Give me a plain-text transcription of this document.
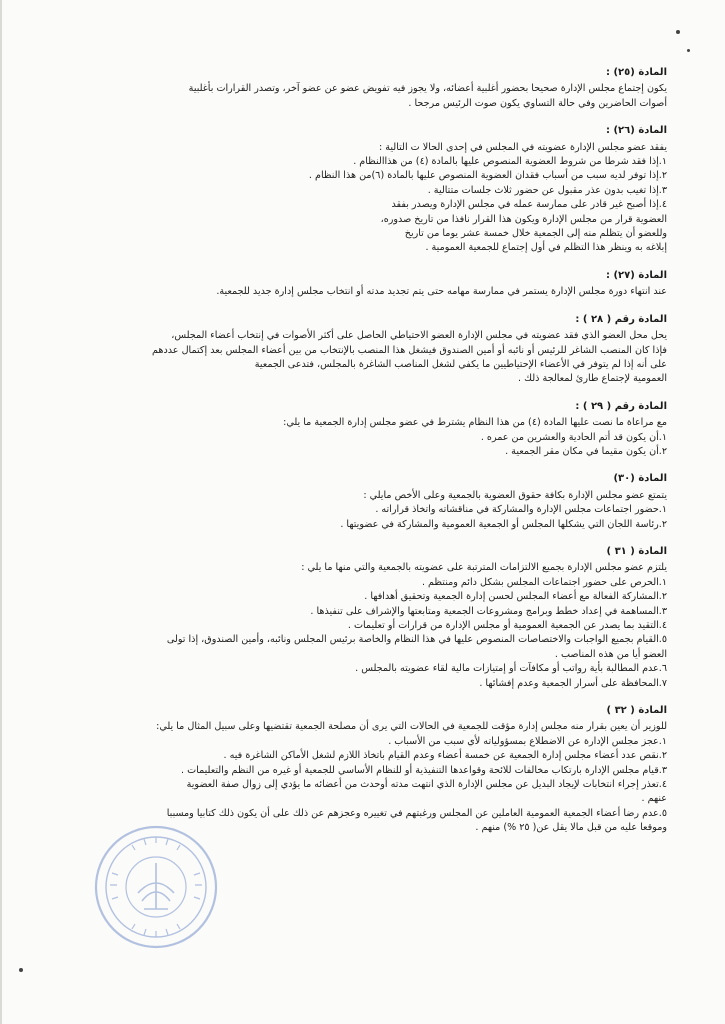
المادة (٢٥) :
يكون إجتماع مجلس الإدارة صحيحا بحضور أغلبية أعضائه، ولا يجوز فيه تفويض عضو عن عضو آخر، وتصدر القرارات بأغلبية
أصوات الحاضرين وفي حالة التساوي يكون صوت الرئيس مرجحا .
المادة (٢٦) :
يفقد عضو مجلس الإدارة عضويته في المجلس في إحدى الحالا ت التالية :
١.إذا فقد شرطا من شروط العضوية المنصوص عليها بالمادة (٤) من هذاالنظام .
٢.إذا توفر لديه سبب من أسباب فقدان العضوية المنصوص عليها بالمادة (٦)من هذا النظام .
٣.إذا تغيب بدون عذر مقبول عن حضور ثلاث جلسات متتالية .
٤.إذا أصبح غير قادر على ممارسة عمله في مجلس الإدارة ويصدر بفقد
العضوية قرار من مجلس الإدارة ويكون هذا القرار نافذا من تاريخ صدوره،
وللعضو أن يتظلم منه إلى الجمعية خلال خمسة عشر يوما من تاريخ
إبلاغه به وينظر هذا التظلم في أول إجتماع للجمعية العمومية .
المادة (٢٧) :
عند انتهاء دورة مجلس الإدارة يستمر في ممارسة مهامه حتى يتم تجديد مدته أو انتخاب مجلس إدارة جديد للجمعية.
المادة رقم ( ٢٨ ) :
يحل محل العضو الذي فقد عضويته في مجلس الإدارة العضو الاحتياطي الحاصل على أكثر الأصوات في إنتخاب أعضاء المجلس،
فإذا كان المنصب الشاغر للرئيس أو نائبه أو أمين الصندوق فيشغل هذا المنصب بالإنتخاب من بين أعضاء المجلس بعد إكتمال عددهم
على أنه إذا لم يتوفر في الأعضاء الإحتياطيين ما يكفي لشغل المناصب الشاغرة بالمجلس، فتدعى الجمعية
العمومية لإجتماع طارئ لمعالجة ذلك .
المادة رقم ( ٢٩ ) :
مع مراعاة ما نصت عليها المادة (٤) من هذا النظام يشترط في عضو مجلس إدارة الجمعية ما يلي:
١.أن يكون قد أتم الحادية والعشرين من عمره .
٢.أن يكون مقيما في مكان مقر الجمعية .
المادة (٣٠)
يتمتع عضو مجلس الإدارة بكافة حقوق العضوية بالجمعية وعلى الأخص مايلي :
١.حضور اجتماعات مجلس الإدارة والمشاركة في مناقشاته واتخاذ قراراته .
٢.رئاسة اللجان التي يشكلها المجلس أو الجمعية العمومية والمشاركة في عضويتها .
المادة ( ٣١ )
يلتزم عضو مجلس الإدارة بجميع الالتزامات المترتبة على عضويته بالجمعية والتي منها ما يلي :
١.الحرص على حضور اجتماعات المجلس بشكل دائم ومنتظم .
٢.المشاركة الفعالة مع أعضاء المجلس لحسن إدارة الجمعية وتحقيق أهدافها .
٣.المساهمة في إعداد خطط وبرامج ومشروعات الجمعية ومتابعتها والإشراف على تنفيذها .
٤.التقيد بما يصدر عن الجمعية العمومية أو مجلس الإدارة من قرارات أو تعليمات .
٥.القيام بجميع الواجبات والاختصاصات المنصوص عليها في هذا النظام والخاصة برئيس المجلس ونائبه، وأمين الصندوق، إذا تولى
العضو أيا من هذه المناصب .
٦.عدم المطالبة بأية رواتب أو مكافآت أو إمتيازات مالية لقاء عضويته بالمجلس .
٧.المحافظة على أسرار الجمعية وعدم إفشائها .
المادة ( ٣٢ )
للوزير أن يعين بقرار منه مجلس إدارة مؤقت للجمعية في الحالات التي يرى أن مصلحة الجمعية تقتضيها وعلى سبيل المثال ما يلي:
١.عجز مجلس الإدارة عن الاضطلاع بمسؤولياته لأي سبب من الأسباب .
٢.نقص عدد أعضاء مجلس إدارة الجمعية عن خمسة أعضاء وعدم القيام باتخاذ اللازم لشغل الأماكن الشاغرة فيه .
٣.قيام مجلس الإدارة بارتكاب مخالفات للائحة وقواعدها التنفيذية أو للنظام الأساسي للجمعية أو غيره من النظم والتعليمات .
٤.تعذر إجراء انتخابات لإيجاد البديل عن مجلس الإدارة الذي انتهت مدته أوحدث من أعضائه ما يؤدي إلى زوال صفة العضوية
عنهم .
٥.عدم رضا أعضاء الجمعية العمومية العاملين عن المجلس ورغبتهم في تغييره وعجزهم عن ذلك على أن يكون ذلك كتابيا ومسببا
وموقعا عليه من قبل مالا يقل عن( ٢٥ %) منهم .
